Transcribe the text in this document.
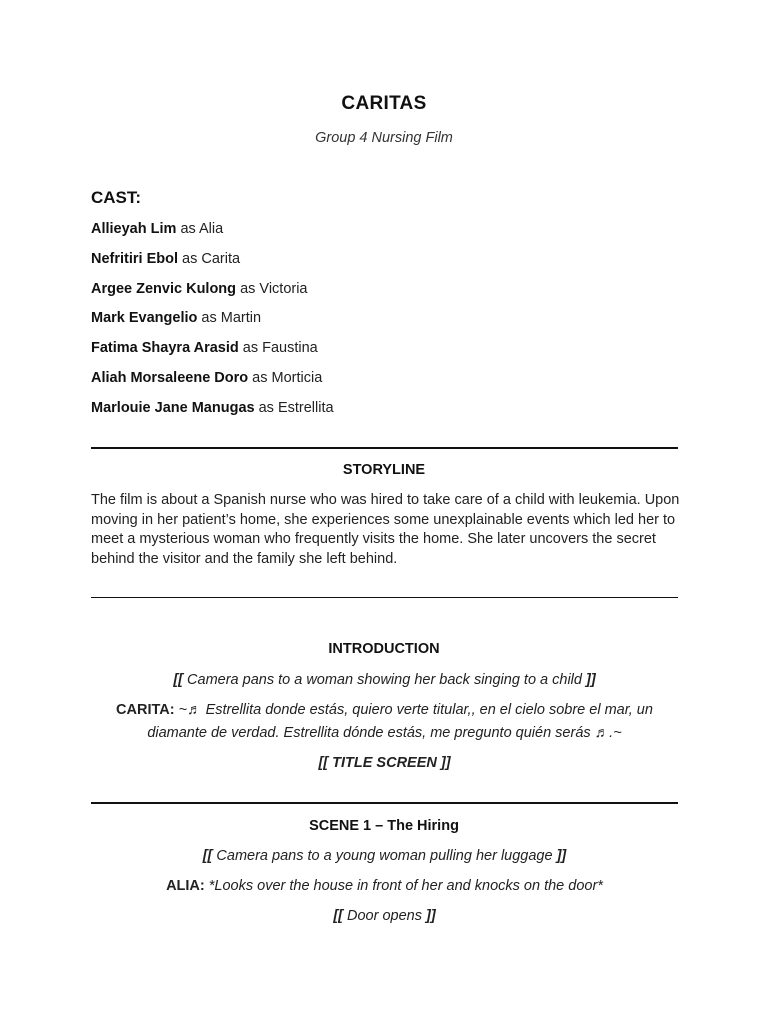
CARITAS
Group 4 Nursing Film
CAST:
Allieyah Lim as Alia
Nefritiri Ebol as Carita
Argee Zenvic Kulong as Victoria
Mark Evangelio as Martin
Fatima Shayra Arasid as Faustina
Aliah Morsaleene Doro as Morticia
Marlouie Jane Manugas as Estrellita
STORYLINE
The film is about a Spanish nurse who was hired to take care of a child with leukemia. Upon moving in her patient’s home, she experiences some unexplainable events which led her to meet a mysterious woman who frequently visits the home. She later uncovers the secret behind the visitor and the family she left behind.
INTRODUCTION
[[ Camera pans to a woman showing her back singing to a child ]]
CARITA: ~♬ Estrellita donde estás, quiero verte titular,, en el cielo sobre el mar, un diamante de verdad. Estrellita dónde estás, me pregunto quién serás ♬.~
[[ TITLE SCREEN ]]
SCENE 1 – The Hiring
[[ Camera pans to a young woman pulling her luggage ]]
ALIA: *Looks over the house in front of her and knocks on the door*
[[ Door opens ]]
